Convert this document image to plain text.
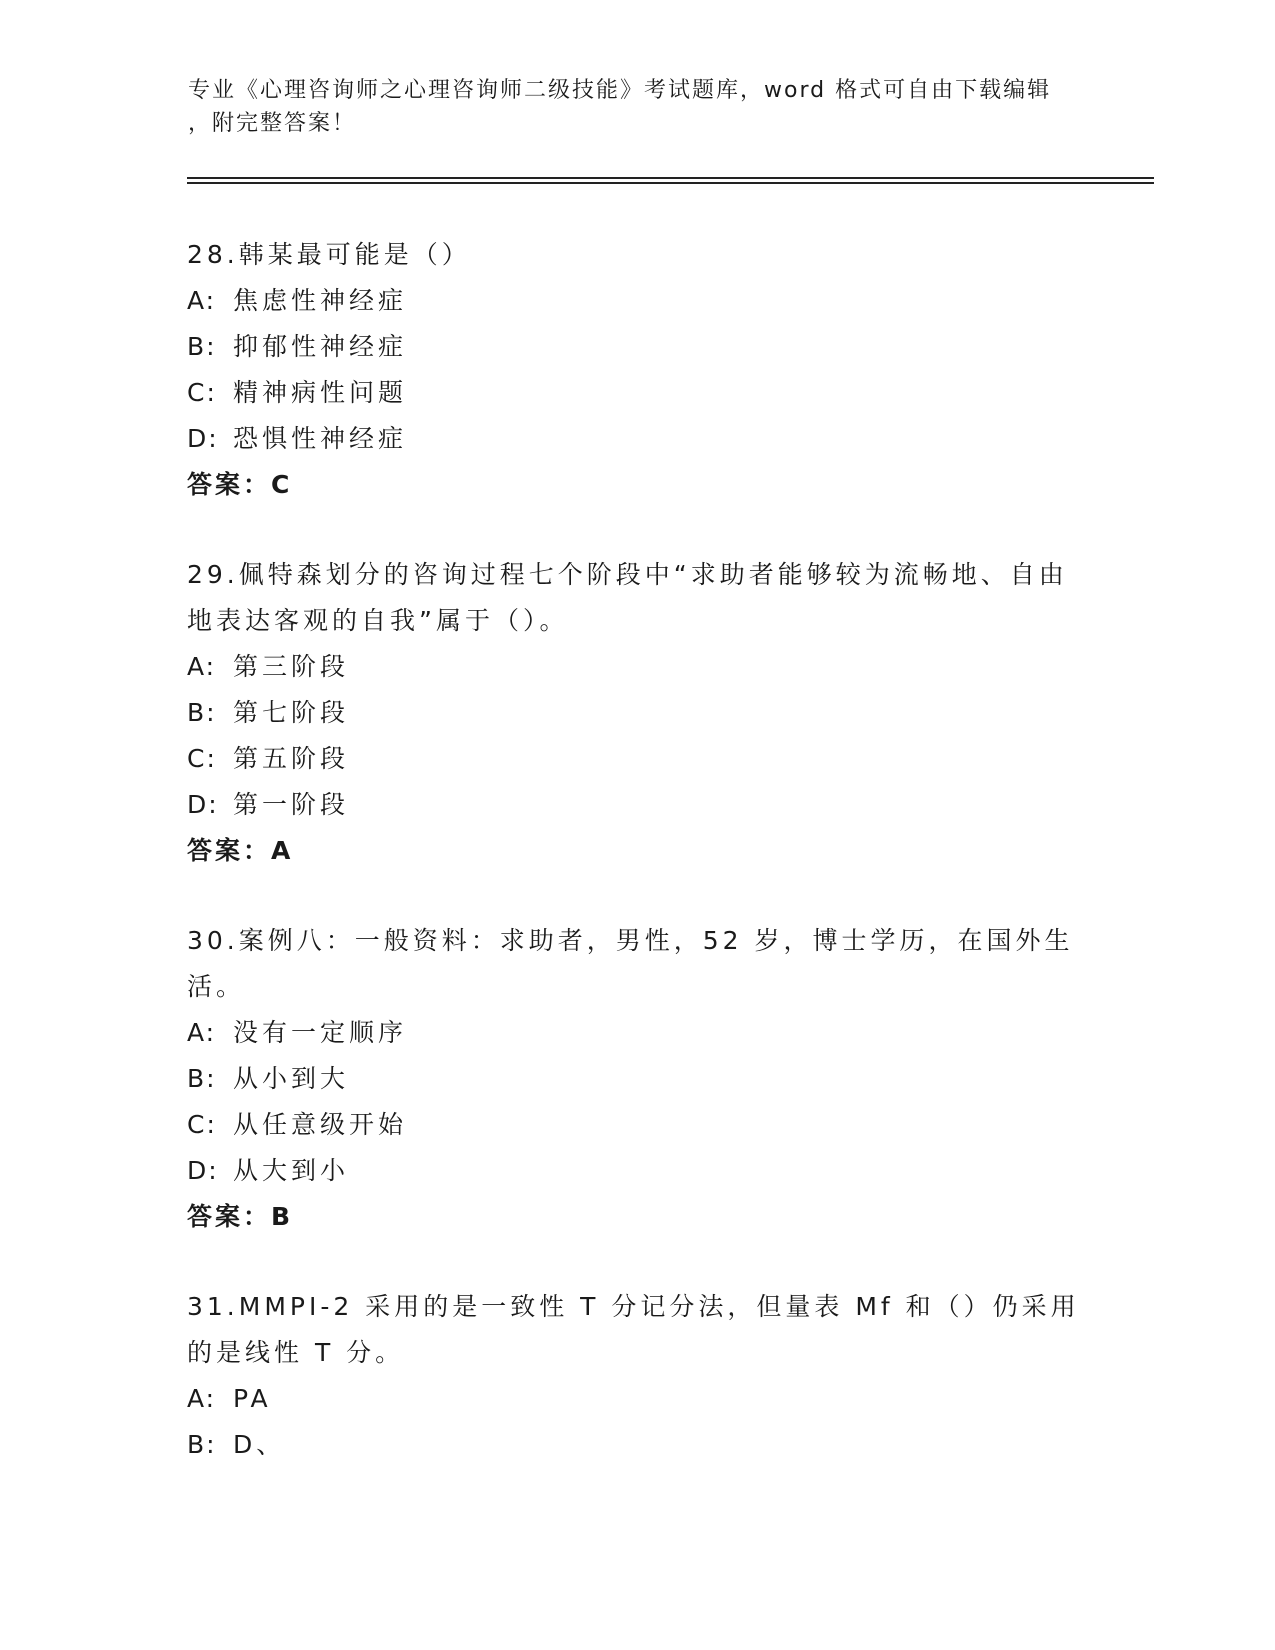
专业《心理咨询师之心理咨询师二级技能》考试题库，word 格式可自由下载编辑
，附完整答案！
28.韩某最可能是（）
A: 焦虑性神经症
B: 抑郁性神经症
C: 精神病性问题
D: 恐惧性神经症
答案：C
29.佩特森划分的咨询过程七个阶段中“求助者能够较为流畅地、自由地表达客观的自我”属于（）。
A: 第三阶段
B: 第七阶段
C: 第五阶段
D: 第一阶段
答案：A
30.案例八：一般资料：求助者，男性，52 岁，博士学历，在国外生活。
A: 没有一定顺序
B: 从小到大
C: 从任意级开始
D: 从大到小
答案：B
31.MMPI-2 采用的是一致性 T 分记分法，但量表 Mf 和（）仍采用的是线性 T 分。
A: PA
B: D、
